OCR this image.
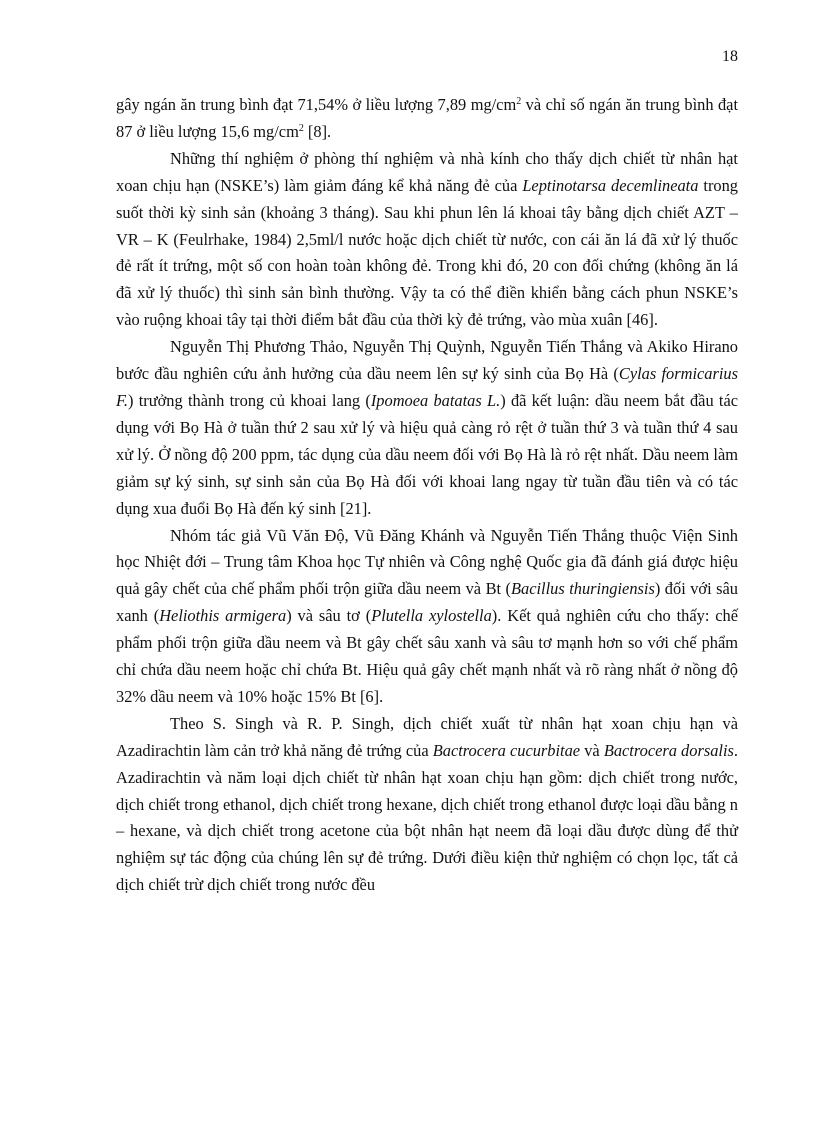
18

gây ngán ăn trung bình đạt 71,54% ở liều lượng 7,89 $mg/cm^2$ và chỉ số ngán ăn trung bình đạt 87 ở liều lượng 15,6 $mg/cm^2$ [8].

Những thí nghiệm ở phòng thí nghiệm và nhà kính cho thấy dịch chiết từ nhân hạt xoan chịu hạn (NSKE’s) làm giảm đáng kể khả năng đẻ của Leptinotarsa decemlineata trong suốt thời kỳ sinh sản (khoảng 3 tháng). Sau khi phun lên lá khoai tây bằng dịch chiết AZT – VR – K (Feulrhake, 1984) 2,5ml/l nước hoặc dịch chiết từ nước, con cái ăn lá đã xử lý thuốc đẻ rất ít trứng, một số con hoàn toàn không đẻ. Trong khi đó, 20 con đối chứng (không ăn lá đã xử lý thuốc) thì sinh sản bình thường. Vậy ta có thể điền khiển bằng cách phun NSKE’s vào ruộng khoai tây tại thời điểm bắt đầu của thời kỳ đẻ trứng, vào mùa xuân [46].

Nguyễn Thị Phương Thảo, Nguyễn Thị Quỳnh, Nguyễn Tiến Thắng và Akiko Hirano bước đầu nghiên cứu ảnh hưởng của dầu neem lên sự ký sinh của Bọ Hà (Cylas formicarius F.) trưởng thành trong củ khoai lang (Ipomoea batatas L.) đã kết luận: dầu neem bắt đầu tác dụng với Bọ Hà ở tuần thứ 2 sau xử lý và hiệu quả càng rỏ rệt ở tuần thứ 3 và tuần thứ 4 sau xử lý. Ở nồng độ 200 ppm, tác dụng của dầu neem đối với Bọ Hà là rỏ rệt nhất. Dầu neem làm giảm sự ký sinh, sự sinh sản của Bọ Hà đối với khoai lang ngay từ tuần đầu tiên và có tác dụng xua đuổi Bọ Hà đến ký sinh [21].

Nhóm tác giả Vũ Văn Độ, Vũ Đăng Khánh và Nguyễn Tiến Thắng thuộc Viện Sinh học Nhiệt đới – Trung tâm Khoa học Tự nhiên và Công nghệ Quốc gia đã đánh giá được hiệu quả gây chết của chế phẩm phối trộn giữa dầu neem và Bt (Bacillus thuringiensis) đối với sâu xanh (Heliothis armigera) và sâu tơ (Plutella xylostella). Kết quả nghiên cứu cho thấy: chế phẩm phối trộn giữa dầu neem và Bt gây chết sâu xanh và sâu tơ mạnh hơn so với chế phẩm chỉ chứa dầu neem hoặc chỉ chứa Bt. Hiệu quả gây chết mạnh nhất và rõ ràng nhất ở nồng độ 32% dầu neem và 10% hoặc 15% Bt [6].

Theo S. Singh và R. P. Singh, dịch chiết xuất từ nhân hạt xoan chịu hạn và Azadirachtin làm cản trở khả năng đẻ trứng của Bactrocera cucurbitae và Bactrocera dorsalis. Azadirachtin và năm loại dịch chiết từ nhân hạt xoan chịu hạn gồm: dịch chiết trong nước, dịch chiết trong ethanol, dịch chiết trong hexane, dịch chiết trong ethanol được loại dầu bằng n – hexane, và dịch chiết trong acetone của bột nhân hạt neem đã loại dầu được dùng để thử nghiệm sự tác động của chúng lên sự đẻ trứng. Dưới điều kiện thử nghiệm có chọn lọc, tất cả dịch chiết trừ dịch chiết trong nước đều
